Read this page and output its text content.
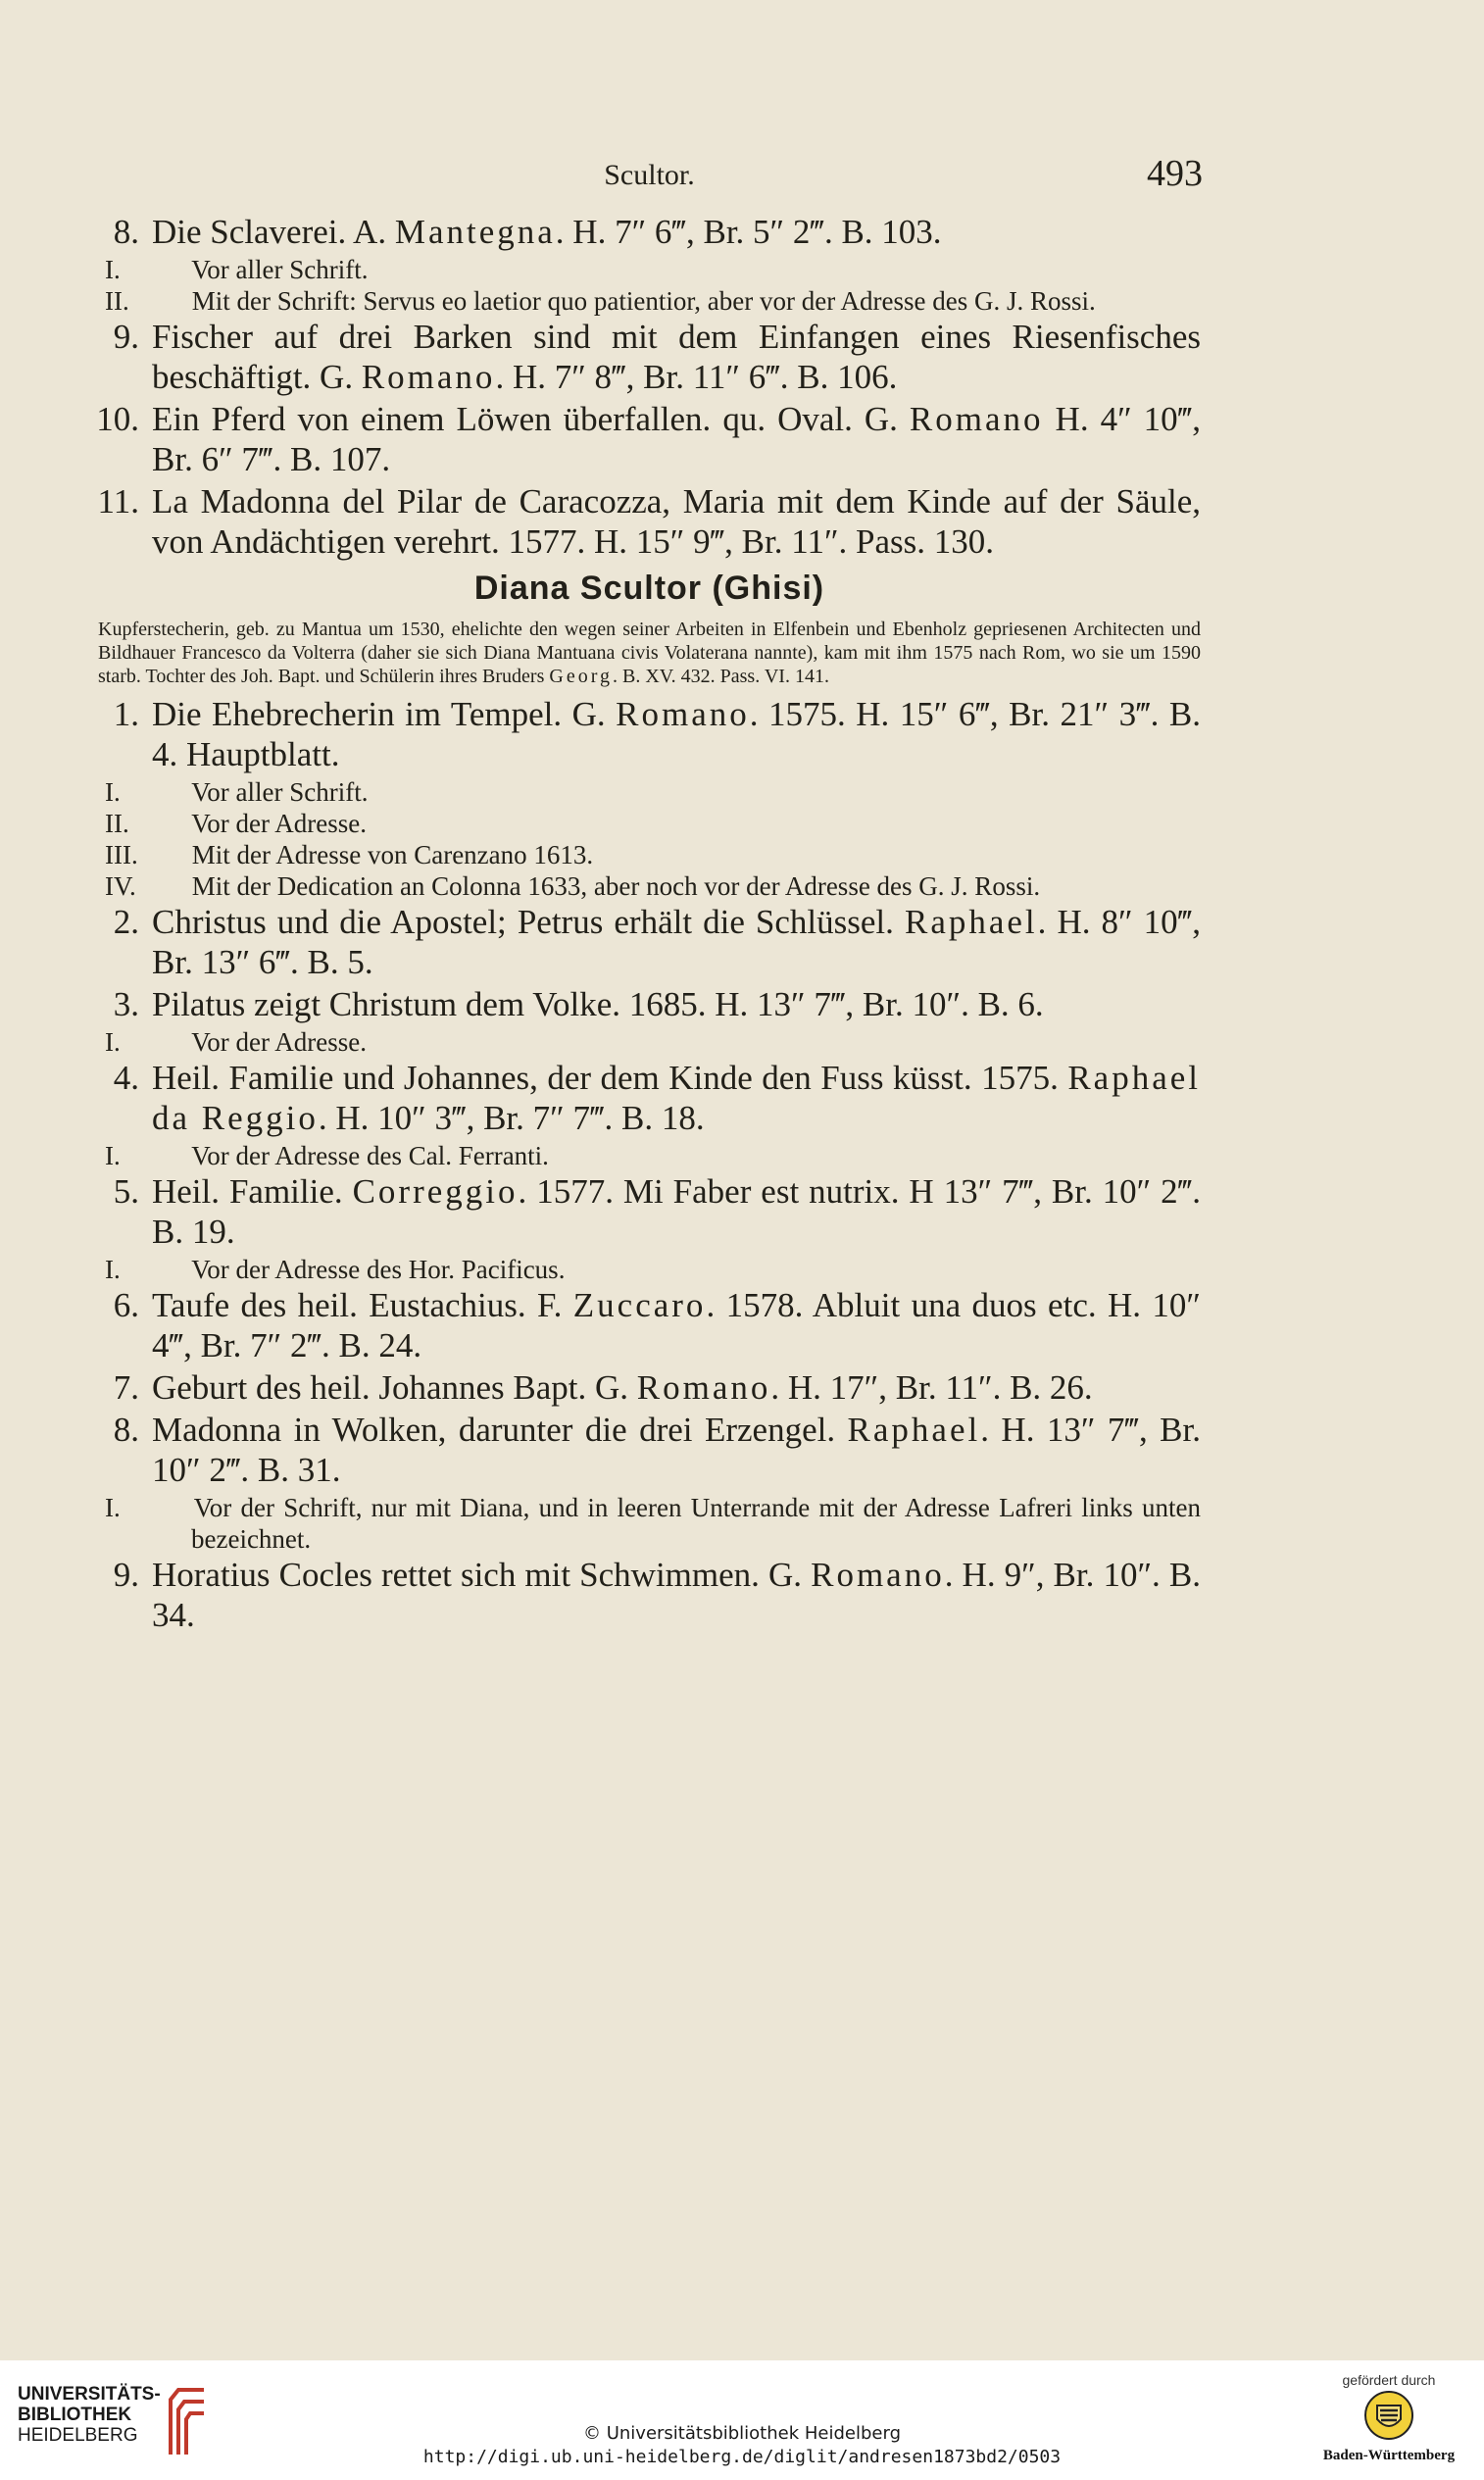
Scultor.	493
8. Die Sclaverei. A. Mantegna. H. 7″ 6‴, Br. 5″ 2‴. B. 103.
I. Vor aller Schrift.
II. Mit der Schrift: Servus eo laetior quo patientior, aber vor der Adresse des G. J. Rossi.
9. Fischer auf drei Barken sind mit dem Einfangen eines Riesenfisches beschäftigt. G. Romano. H. 7″ 8‴, Br. 11″ 6‴. B. 106.
10. Ein Pferd von einem Löwen überfallen. qu. Oval. G. Romano H. 4″ 10‴, Br. 6″ 7‴. B. 107.
11. La Madonna del Pilar de Caracozza, Maria mit dem Kinde auf der Säule, von Andächtigen verehrt. 1577. H. 15″ 9‴, Br. 11″. Pass. 130.
Diana Scultor (Ghisi)
Kupferstecherin, geb. zu Mantua um 1530, ehelichte den wegen seiner Arbeiten in Elfenbein und Ebenholz gepriesenen Architecten und Bildhauer Francesco da Volterra (daher sie sich Diana Mantuana civis Volaterana nannte), kam mit ihm 1575 nach Rom, wo sie um 1590 starb. Tochter des Joh. Bapt. und Schülerin ihres Bruders Georg. B. XV. 432. Pass. VI. 141.
1. Die Ehebrecherin im Tempel. G. Romano. 1575. H. 15″ 6‴, Br. 21″ 3‴. B. 4. Hauptblatt.
I. Vor aller Schrift.
II. Vor der Adresse.
III. Mit der Adresse von Carenzano 1613.
IV. Mit der Dedication an Colonna 1633, aber noch vor der Adresse des G. J. Rossi.
2. Christus und die Apostel; Petrus erhält die Schlüssel. Raphael. H. 8″ 10‴, Br. 13″ 6‴. B. 5.
3. Pilatus zeigt Christum dem Volke. 1685. H. 13″ 7‴, Br. 10″. B. 6.
I. Vor der Adresse.
4. Heil. Familie und Johannes, der dem Kinde den Fuss küsst. 1575. Raphael da Reggio. H. 10″ 3‴, Br. 7″ 7‴. B. 18.
I. Vor der Adresse des Cal. Ferranti.
5. Heil. Familie. Correggio. 1577. Mi Faber est nutrix. H 13″ 7‴, Br. 10″ 2‴. B. 19.
I. Vor der Adresse des Hor. Pacificus.
6. Taufe des heil. Eustachius. F. Zuccaro. 1578. Abluit una duos etc. H. 10″ 4‴, Br. 7″ 2‴. B. 24.
7. Geburt des heil. Johannes Bapt. G. Romano. H. 17″, Br. 11″. B. 26.
8. Madonna in Wolken, darunter die drei Erzengel. Raphael. H. 13″ 7‴, Br. 10″ 2‴. B. 31.
I. Vor der Schrift, nur mit Diana, und in leeren Unterrande mit der Adresse Lafreri links unten bezeichnet.
9. Horatius Cocles rettet sich mit Schwimmen. G. Romano. H. 9″, Br. 10″. B. 34.
UNIVERSITÄTS-
BIBLIOTHEK
HEIDELBERG	© Universitätsbibliothek Heidelberg
http://digi.ub.uni-heidelberg.de/diglit/andresen1873bd2/0503
gefördert durch
Baden-Württemberg
